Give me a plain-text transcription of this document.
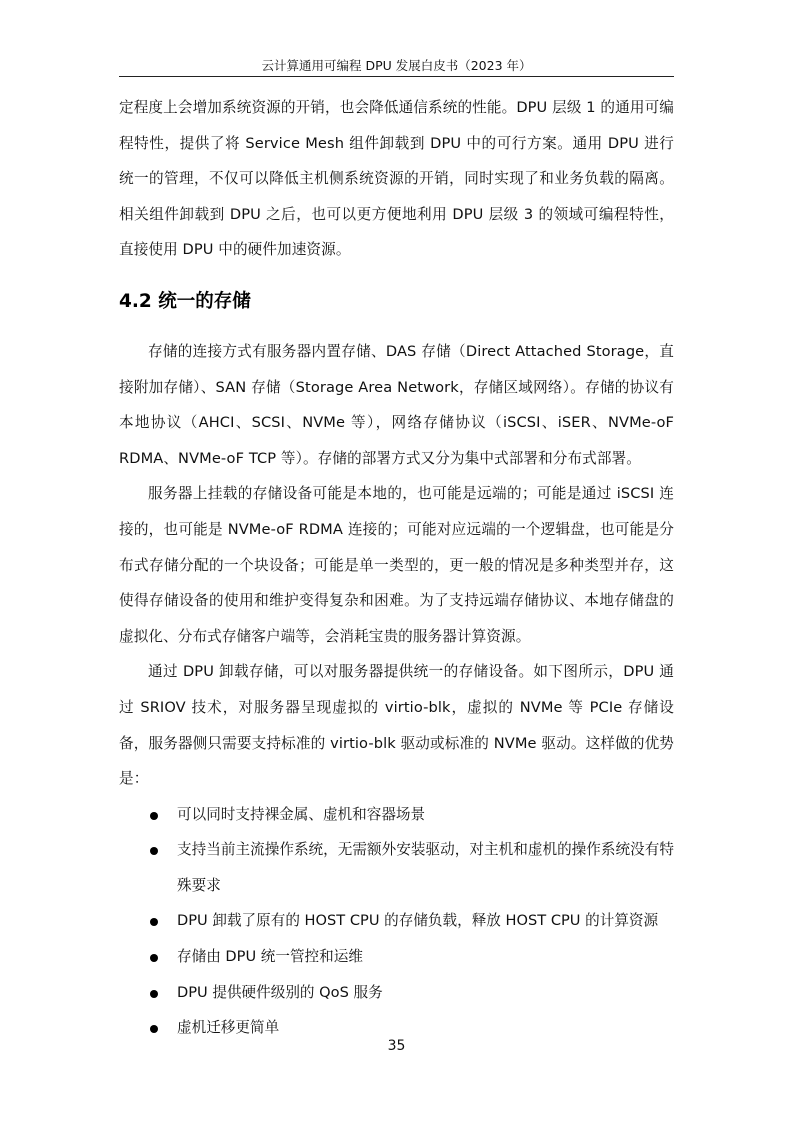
云计算通用可编程 DPU 发展白皮书（2023 年）

定程度上会增加系统资源的开销，也会降低通信系统的性能。DPU 层级 1 的通用可编程特性，提供了将 Service Mesh 组件卸载到 DPU 中的可行方案。通用 DPU 进行统一的管理，不仅可以降低主机侧系统资源的开销，同时实现了和业务负载的隔离。相关组件卸载到 DPU 之后，也可以更方便地利用 DPU 层级 3 的领域可编程特性，直接使用 DPU 中的硬件加速资源。

4.2 统一的存储

存储的连接方式有服务器内置存储、DAS 存储（Direct Attached Storage，直接附加存储）、SAN 存储（Storage Area Network，存储区域网络）。存储的协议有本地协议（AHCI、SCSI、NVMe 等），网络存储协议（iSCSI、iSER、NVMe-oF RDMA、NVMe-oF TCP 等）。存储的部署方式又分为集中式部署和分布式部署。

服务器上挂载的存储设备可能是本地的，也可能是远端的；可能是通过 iSCSI 连接的，也可能是 NVMe-oF RDMA 连接的；可能对应远端的一个逻辑盘，也可能是分布式存储分配的一个块设备；可能是单一类型的，更一般的情况是多种类型并存，这使得存储设备的使用和维护变得复杂和困难。为了支持远端存储协议、本地存储盘的虚拟化、分布式存储客户端等，会消耗宝贵的服务器计算资源。

通过 DPU 卸载存储，可以对服务器提供统一的存储设备。如下图所示，DPU 通过 SRIOV 技术，对服务器呈现虚拟的 virtio-blk，虚拟的 NVMe 等 PCIe 存储设备，服务器侧只需要支持标准的 virtio-blk 驱动或标准的 NVMe 驱动。这样做的优势是：

可以同时支持裸金属、虚机和容器场景
支持当前主流操作系统，无需额外安装驱动，对主机和虚机的操作系统没有特殊要求
DPU 卸载了原有的 HOST CPU 的存储负载，释放 HOST CPU 的计算资源
存储由 DPU 统一管控和运维
DPU 提供硬件级别的 QoS 服务
虚机迁移更简单
35
